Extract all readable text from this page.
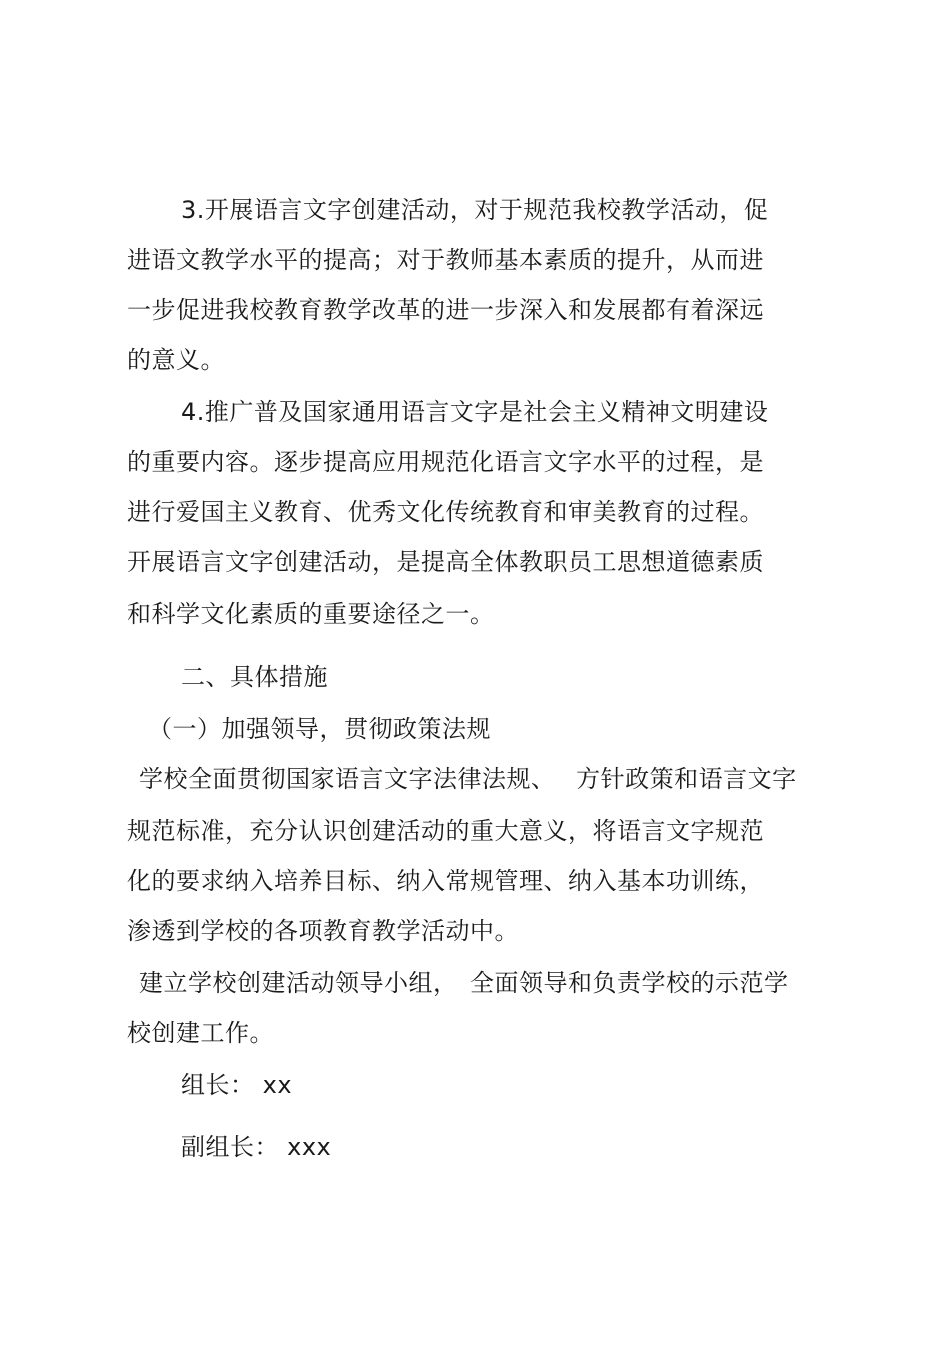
3.开展语言文字创建活动，对于规范我校教学活动，促
进语文教学水平的提高；对于教师基本素质的提升，从而进
一步促进我校教育教学改革的进一步深入和发展都有着深远
的意义。
4.推广普及国家通用语言文字是社会主义精神文明建设
的重要内容。逐步提高应用规范化语言文字水平的过程，是
进行爱国主义教育、优秀文化传统教育和审美教育的过程。
开展语言文字创建活动，是提高全体教职员工思想道德素质
和科学文化素质的重要途径之一。
二、具体措施
（一）加强领导，贯彻政策法规
学校全面贯彻国家语言文字法律法规、　 方针政策和语言文字
规范标准，充分认识创建活动的重大意义，将语言文字规范
化的要求纳入培养目标、纳入常规管理、纳入基本功训练，
渗透到学校的各项教育教学活动中。
建立学校创建活动领导小组，　全面领导和负责学校的示范学
校创建工作。
组长： xx
副组长： xxx
